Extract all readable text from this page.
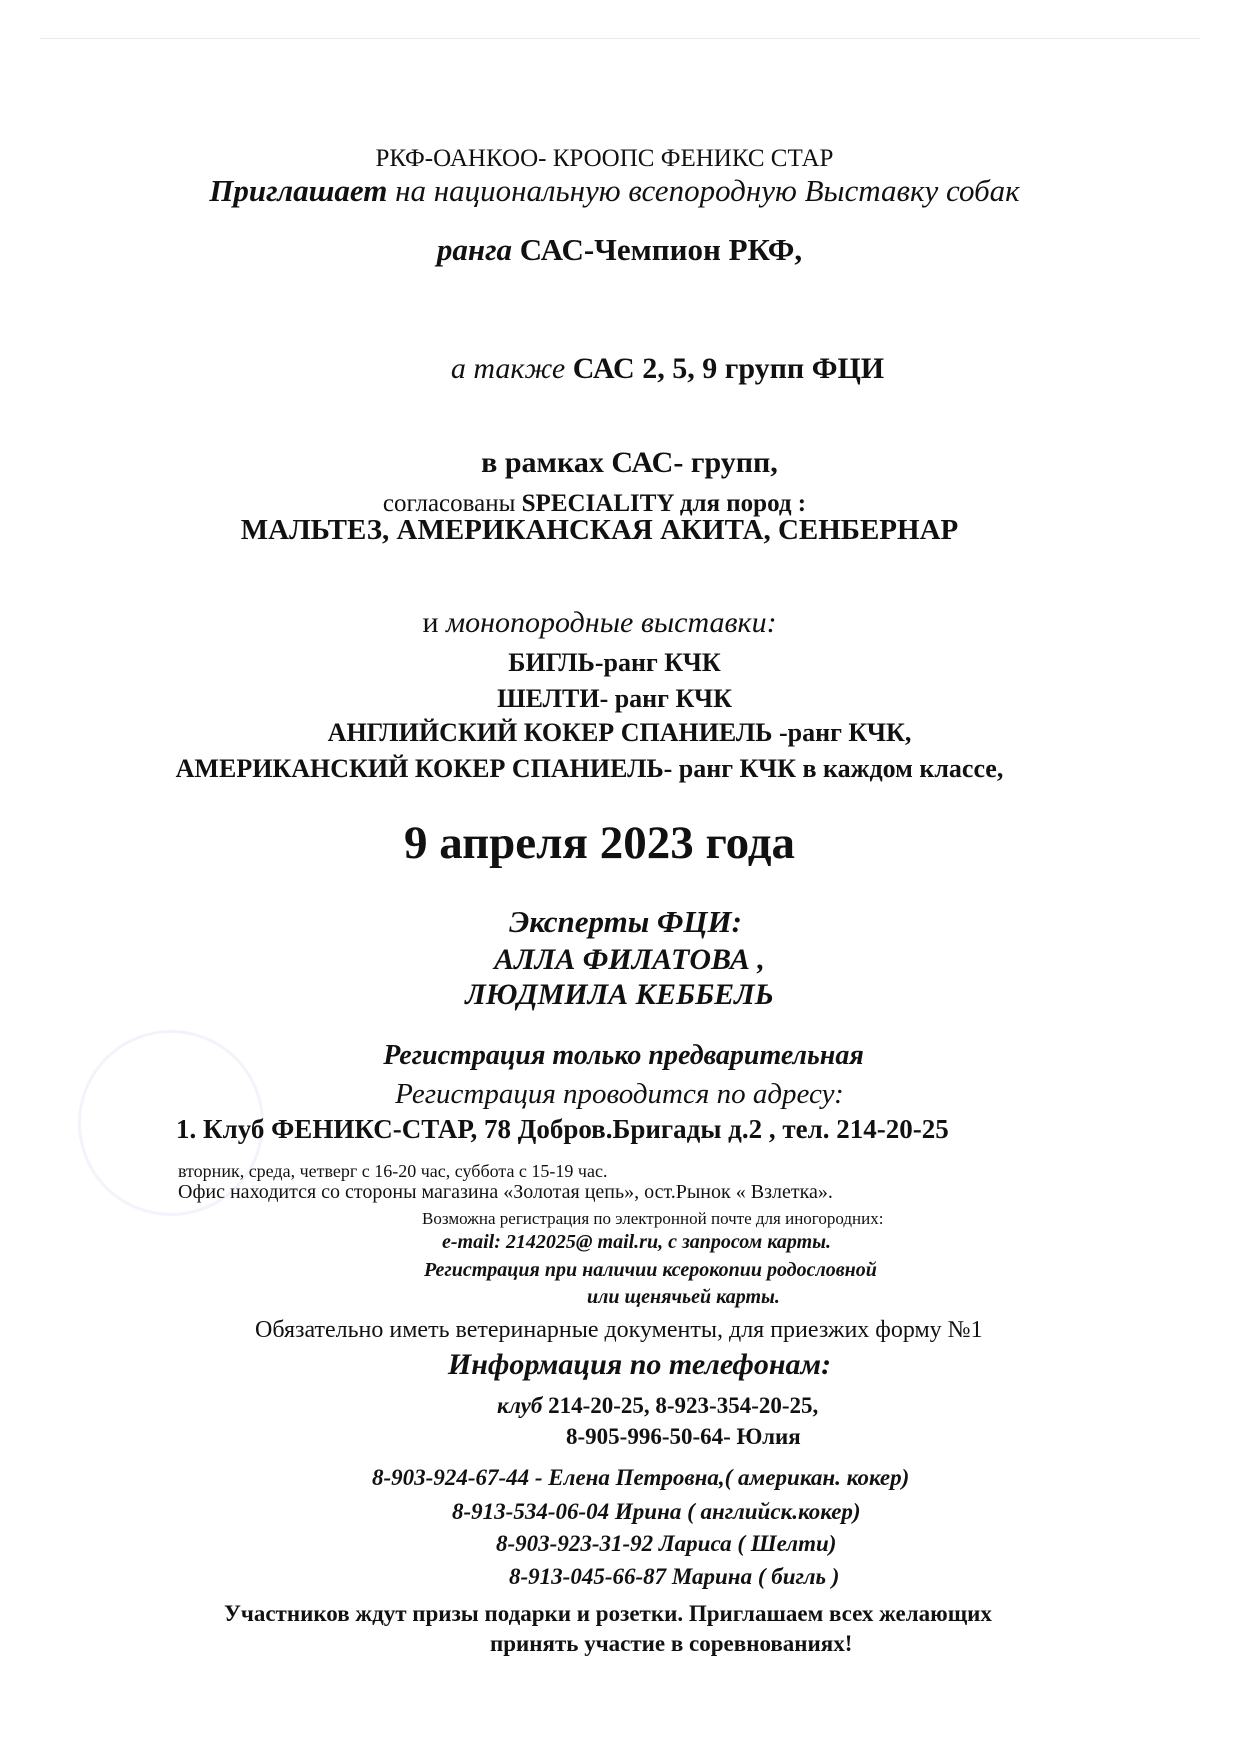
РКФ-ОАНКОО- КРООПС ФЕНИКС СТАР
Приглашает на национальную всепородную Выставку собак
ранга САС-Чемпион РКФ,
а также САС 2, 5, 9 групп ФЦИ
в рамках САС- групп,
согласованы SPECIALITY для пород :
МАЛЬТЕЗ, АМЕРИКАНСКАЯ АКИТА, СЕНБЕРНАР
и монопородные выставки:
БИГЛЬ-ранг КЧК
ШЕЛТИ- ранг КЧК
АНГЛИЙСКИЙ КОКЕР СПАНИЕЛЬ -ранг КЧК,
АМЕРИКАНСКИЙ КОКЕР СПАНИЕЛЬ- ранг КЧК в каждом классе,
9 апреля 2023 года
Эксперты ФЦИ:
АЛЛА ФИЛАТОВА ,
ЛЮДМИЛА КЕББЕЛЬ
Регистрация только предварительная
Регистрация проводится по адресу:
1. Клуб ФЕНИКС-СТАР, 78 Добров.Бригады д.2 , тел. 214-20-25
вторник, среда, четверг с 16-20 час, суббота с 15-19 час.
Офис находится со стороны магазина «Золотая цепь», ост.Рынок « Взлетка».
Возможна регистрация по электронной почте для иногородних:
e-mail: 2142025@ mail.ru, с запросом карты.
Регистрация при наличии ксерокопии родословной
или щенячьей карты.
Обязательно иметь ветеринарные документы, для приезжих форму №1
Информация по телефонам:
клуб 214-20-25, 8-923-354-20-25,
8-905-996-50-64- Юлия
8-903-924-67-44 - Елена Петровна,( американ. кокер)
8-913-534-06-04 Ирина ( английск.кокер)
8-903-923-31-92 Лариса ( Шелти)
8-913-045-66-87 Марина ( бигль )
Участников ждут призы подарки и розетки. Приглашаем всех желающих
принять участие в соревнованиях!
